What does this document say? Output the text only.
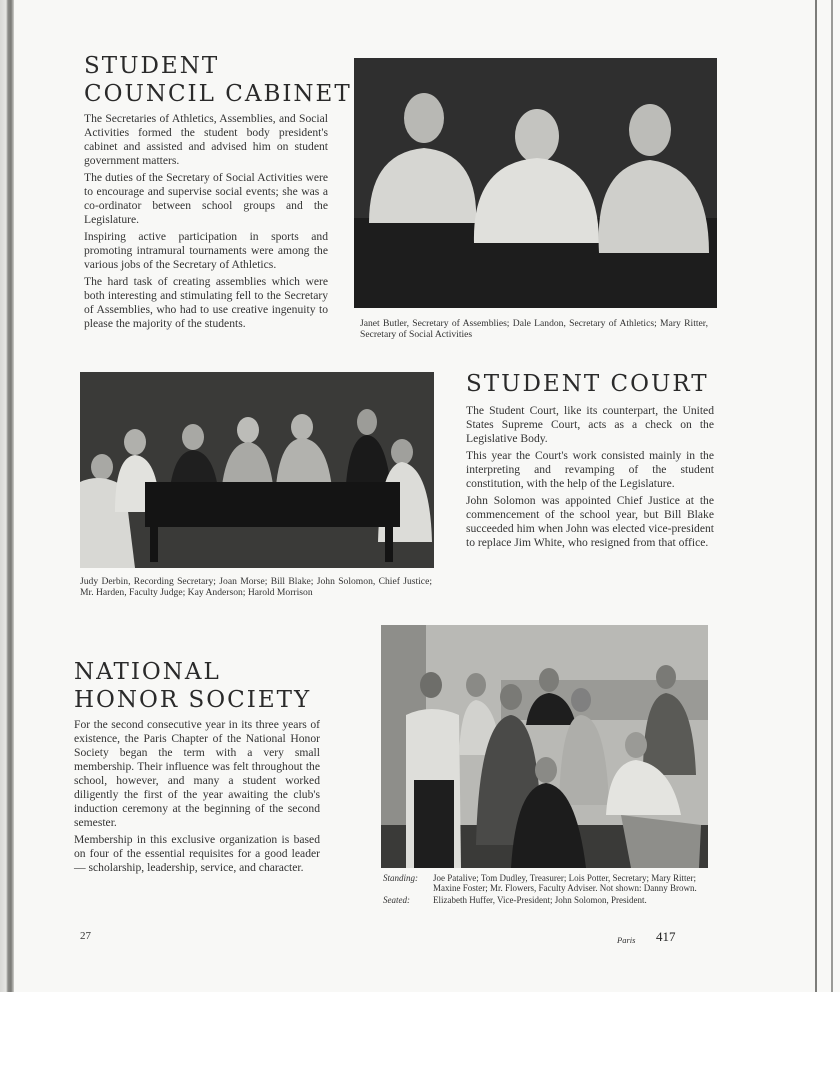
STUDENT
COUNCIL CABINET

The Secretaries of Athletics, Assemblies, and Social Activities formed the student body president's cabinet and assisted and advised him on student government matters.

The duties of the Secretary of Social Activities were to encourage and supervise social events; she was a co-ordinator between school groups and the Legislature.

Inspiring active participation in sports and promoting intramural tournaments were among the various jobs of the Secretary of Athletics.

The hard task of creating assemblies which were both interesting and stimulating fell to the Secretary of Assemblies, who had to use creative ingenuity to please the majority of the students.	Janet Butler, Secretary of Assemblies; Dale Landon, Secretary of Athletics; Mary Ritter, Secretary of Social Activities

Judy Derbin, Recording Secretary; Joan Morse; Bill Blake; John Solomon, Chief Justice; Mr. Harden, Faculty Judge; Kay Anderson; Harold Morrison

STUDENT COURT

The Student Court, like its counterpart, the United States Supreme Court, acts as a check on the Legislative Body.

This year the Court's work consisted mainly in the interpreting and revamping of the student constitution, with the help of the Legislature.

John Solomon was appointed Chief Justice at the commencement of the school year, but Bill Blake succeeded him when John was elected vice-president to replace Jim White, who resigned from that office.

NATIONAL
HONOR SOCIETY

For the second consecutive year in its three years of existence, the Paris Chapter of the National Honor Society began the term with a very small membership. Their influence was felt throughout the school, however, and many a student worked diligently the first of the year awaiting the club's induction ceremony at the beginning of the second semester.

Membership in this exclusive organization is based on four of the essential requisites for a good leader — scholarship, leadership, service, and character.

Standing:	Joe Patalive; Tom Dudley, Treasurer; Lois Potter, Secretary; Mary Ritter; Maxine Foster; Mr. Flowers, Faculty Adviser. Not shown: Danny Brown.
Seated:	Elizabeth Huffer, Vice-President; John Solomon, President.
27	Paris 417
